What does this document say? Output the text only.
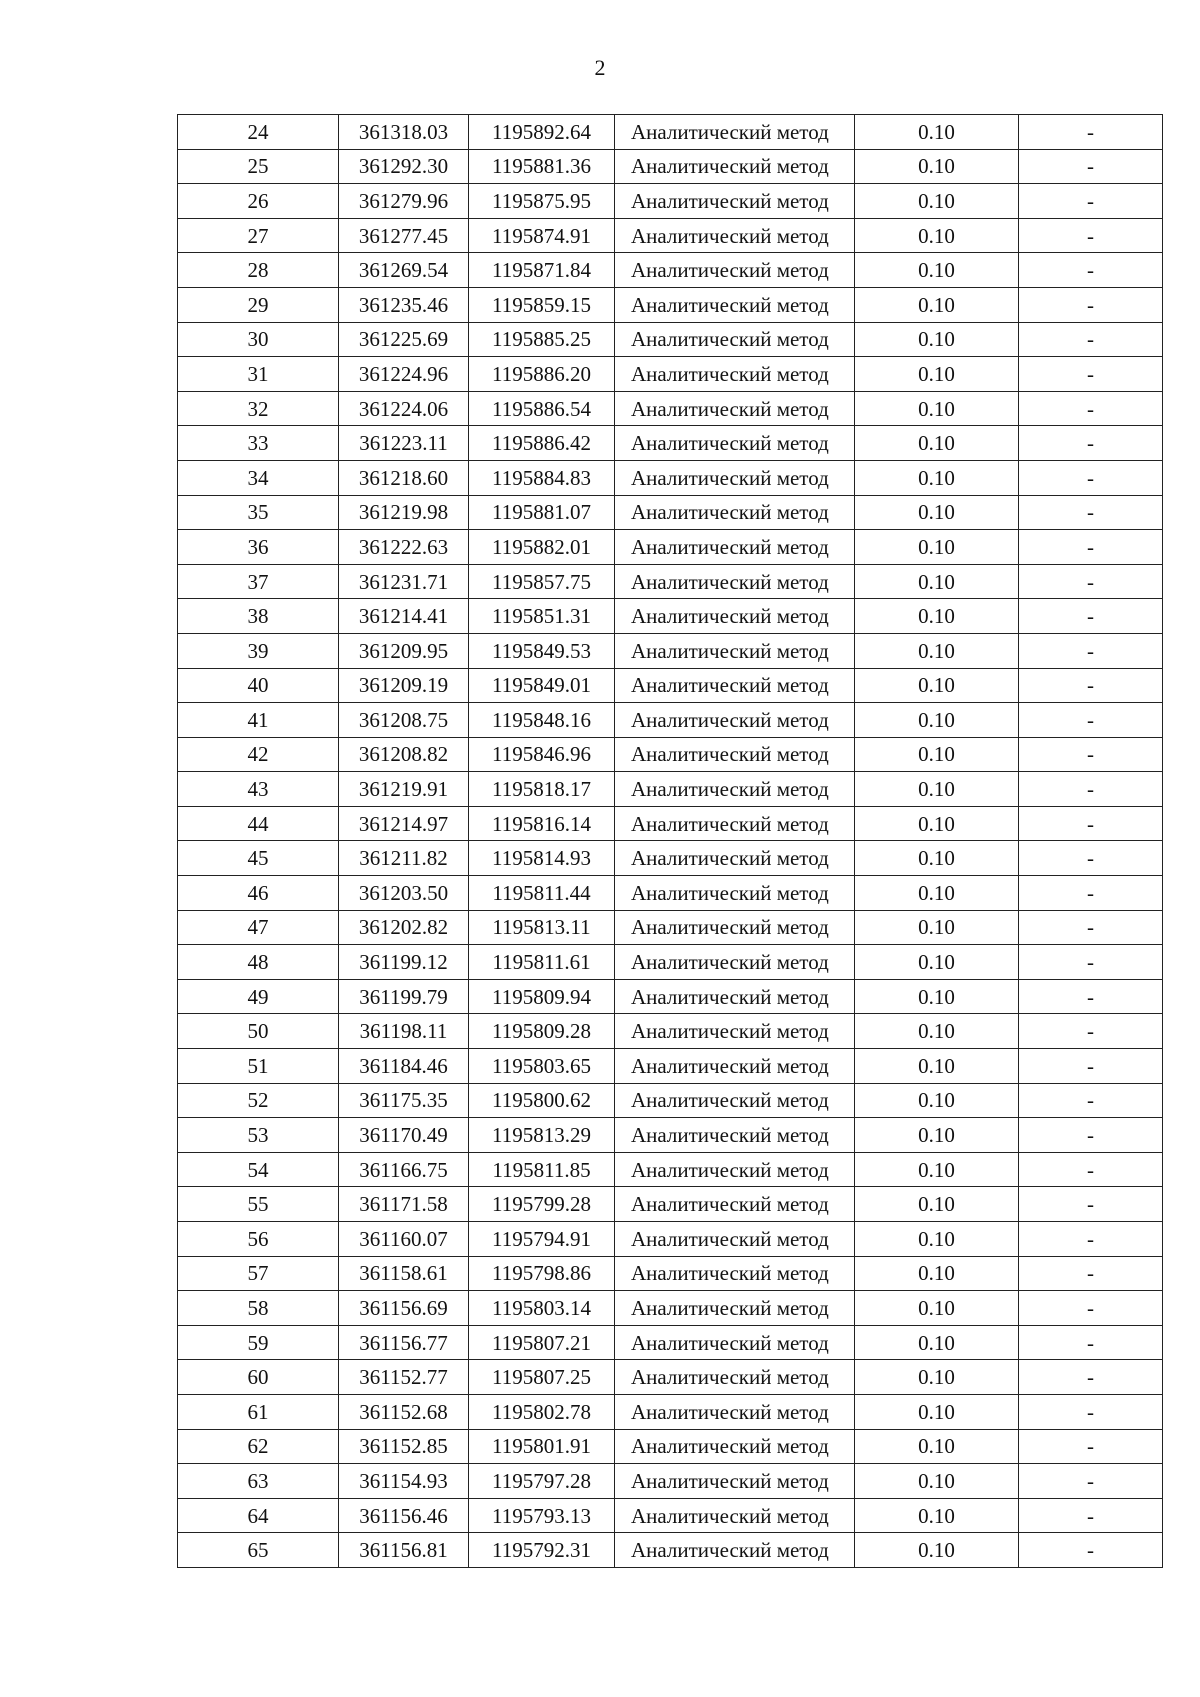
2
24	361318.03	1195892.64	Аналитический метод	0.10	-
25	361292.30	1195881.36	Аналитический метод	0.10	-
26	361279.96	1195875.95	Аналитический метод	0.10	-
27	361277.45	1195874.91	Аналитический метод	0.10	-
28	361269.54	1195871.84	Аналитический метод	0.10	-
29	361235.46	1195859.15	Аналитический метод	0.10	-
30	361225.69	1195885.25	Аналитический метод	0.10	-
31	361224.96	1195886.20	Аналитический метод	0.10	-
32	361224.06	1195886.54	Аналитический метод	0.10	-
33	361223.11	1195886.42	Аналитический метод	0.10	-
34	361218.60	1195884.83	Аналитический метод	0.10	-
35	361219.98	1195881.07	Аналитический метод	0.10	-
36	361222.63	1195882.01	Аналитический метод	0.10	-
37	361231.71	1195857.75	Аналитический метод	0.10	-
38	361214.41	1195851.31	Аналитический метод	0.10	-
39	361209.95	1195849.53	Аналитический метод	0.10	-
40	361209.19	1195849.01	Аналитический метод	0.10	-
41	361208.75	1195848.16	Аналитический метод	0.10	-
42	361208.82	1195846.96	Аналитический метод	0.10	-
43	361219.91	1195818.17	Аналитический метод	0.10	-
44	361214.97	1195816.14	Аналитический метод	0.10	-
45	361211.82	1195814.93	Аналитический метод	0.10	-
46	361203.50	1195811.44	Аналитический метод	0.10	-
47	361202.82	1195813.11	Аналитический метод	0.10	-
48	361199.12	1195811.61	Аналитический метод	0.10	-
49	361199.79	1195809.94	Аналитический метод	0.10	-
50	361198.11	1195809.28	Аналитический метод	0.10	-
51	361184.46	1195803.65	Аналитический метод	0.10	-
52	361175.35	1195800.62	Аналитический метод	0.10	-
53	361170.49	1195813.29	Аналитический метод	0.10	-
54	361166.75	1195811.85	Аналитический метод	0.10	-
55	361171.58	1195799.28	Аналитический метод	0.10	-
56	361160.07	1195794.91	Аналитический метод	0.10	-
57	361158.61	1195798.86	Аналитический метод	0.10	-
58	361156.69	1195803.14	Аналитический метод	0.10	-
59	361156.77	1195807.21	Аналитический метод	0.10	-
60	361152.77	1195807.25	Аналитический метод	0.10	-
61	361152.68	1195802.78	Аналитический метод	0.10	-
62	361152.85	1195801.91	Аналитический метод	0.10	-
63	361154.93	1195797.28	Аналитический метод	0.10	-
64	361156.46	1195793.13	Аналитический метод	0.10	-
65	361156.81	1195792.31	Аналитический метод	0.10	-
